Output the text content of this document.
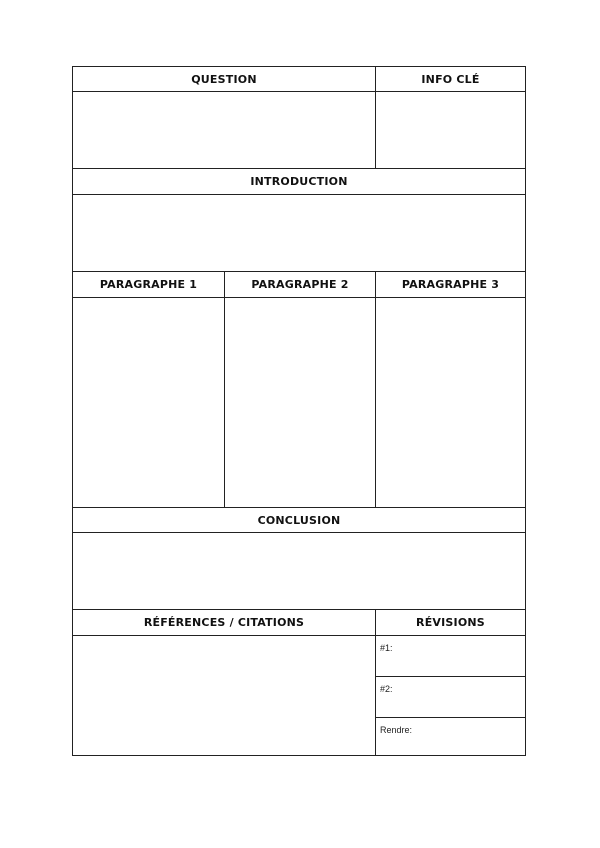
QUESTION	INFO CLÉ
INTRODUCTION
PARAGRAPHE 1	PARAGRAPHE 2	PARAGRAPHE 3
CONCLUSION
RÉFÉRENCES / CITATIONS	RÉVISIONS
#1:
#2:
Rendre:
